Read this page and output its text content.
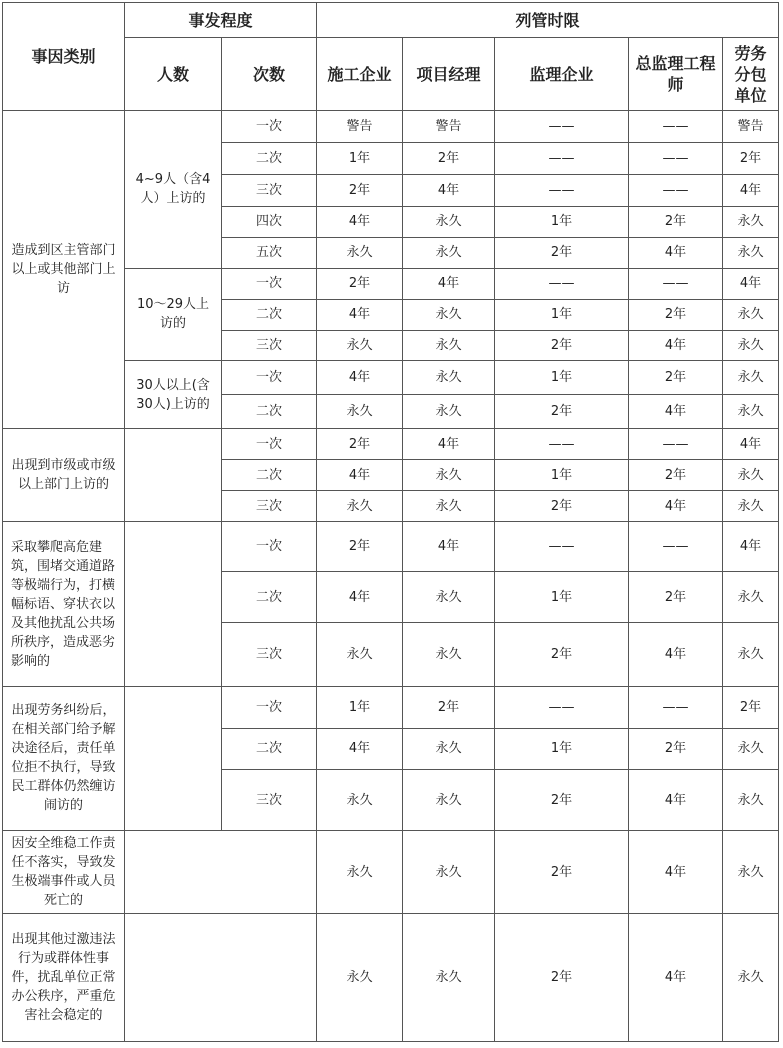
事因类别	事发程度		列管时限				
	人数	次数	施工企业	项目经理	监理企业	总监理工程师	劳务分包单位
造成到区主管部门以上或其他部门上访	4~9人（含4人）上访的	一次	警告	警告	——	——	警告
		二次	1年	2年	——	——	2年
		三次	2年	4年	——	——	4年
		四次	4年	永久	1年	2年	永久
		五次	永久	永久	2年	4年	永久
	10～29人上访的	一次	2年	4年	——	——	4年
		二次	4年	永久	1年	2年	永久
		三次	永久	永久	2年	4年	永久
	30人以上(含30人)上访的	一次	4年	永久	1年	2年	永久
		二次	永久	永久	2年	4年	永久
出现到市级或市级以上部门上访的		一次	2年	4年	——	——	4年
		二次	4年	永久	1年	2年	永久
		三次	永久	永久	2年	4年	永久
采取攀爬高危建筑，围堵交通道路等极端行为，打横幅标语、穿状衣以及其他扰乱公共场所秩序，造成恶劣影响的		一次	2年	4年	——	——	4年
		二次	4年	永久	1年	2年	永久
		三次	永久	永久	2年	4年	永久
出现劳务纠纷后，在相关部门给予解决途径后，责任单位拒不执行，导致民工群体仍然缠访闹访的		一次	1年	2年	——	——	2年
		二次	4年	永久	1年	2年	永久
		三次	永久	永久	2年	4年	永久
因安全维稳工作责任不落实，导致发生极端事件或人员死亡的			永久	永久	2年	4年	永久
出现其他过激违法行为或群体性事件，扰乱单位正常办公秩序，严重危害社会稳定的			永久	永久	2年	4年	永久
